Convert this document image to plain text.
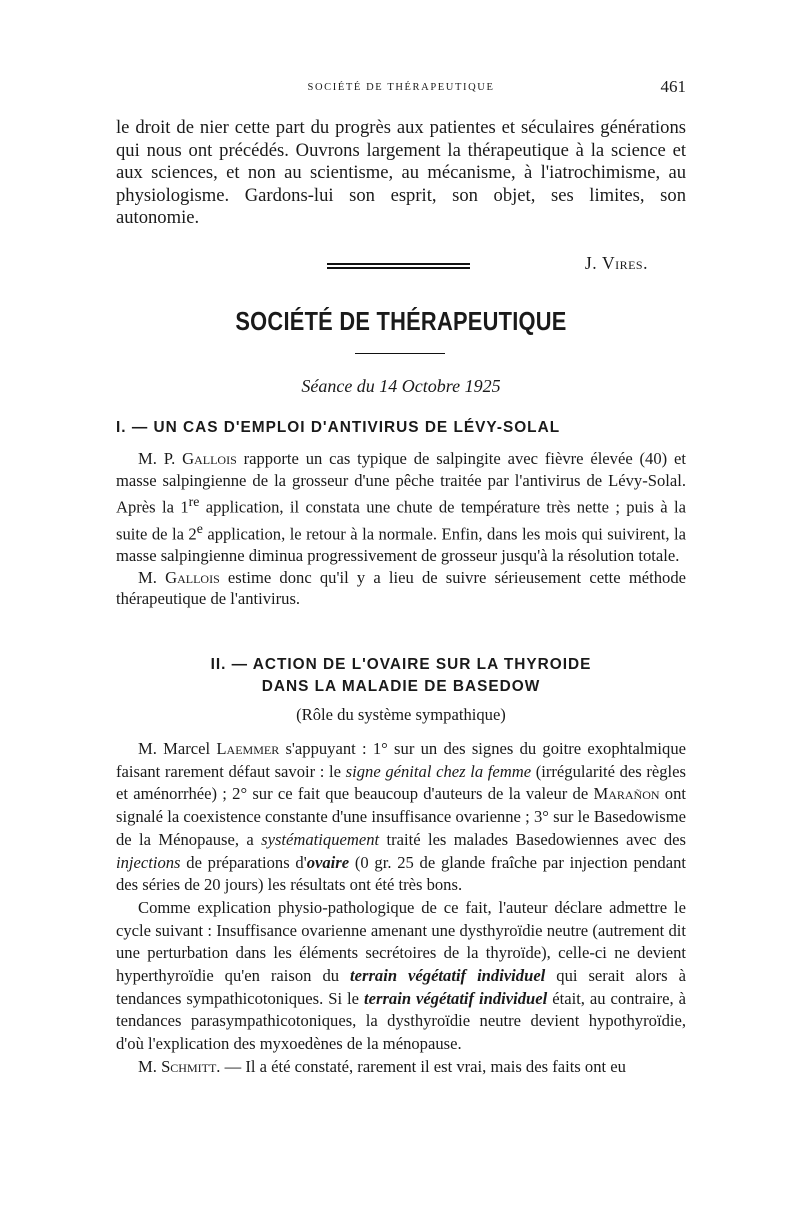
SOCIÉTÉ DE THÉRAPEUTIQUE	461

le droit de nier cette part du progrès aux patientes et séculaires générations qui nous ont précédés. Ouvrons largement la thérapeutique à la science et aux sciences, et non au scientisme, au mécanisme, à l'iatrochimisme, au physiologisme. Gardons-lui son esprit, son objet, ses limites, son autonomie.

J. Vires.
SOCIÉTÉ DE THÉRAPEUTIQUE
Séance du 14 Octobre 1925
I. — UN CAS D'EMPLOI D'ANTIVIRUS DE LÉVY-SOLAL

M. P. Gallois rapporte un cas typique de salpingite avec fièvre élevée (40) et masse salpingienne de la grosseur d'une pêche traitée par l'antivirus de Lévy-Solal. Après la 1re application, il constata une chute de température très nette ; puis à la suite de la 2e application, le retour à la normale. Enfin, dans les mois qui suivirent, la masse salpingienne diminua progressivement de grosseur jusqu'à la résolution totale.

M. Gallois estime donc qu'il y a lieu de suivre sérieusement cette méthode thérapeutique de l'antivirus.

II. — ACTION DE L'OVAIRE SUR LA THYROIDE
DANS LA MALADIE DE BASEDOW
(Rôle du système sympathique)

M. Marcel Laemmer s'appuyant : 1° sur un des signes du goitre exophtalmique faisant rarement défaut savoir : le signe génital chez la femme (irrégularité des règles et aménorrhée) ; 2° sur ce fait que beaucoup d'auteurs de la valeur de Marañon ont signalé la coexistence constante d'une insuffisance ovarienne ; 3° sur le Basedowisme de la Ménopause, a systématiquement traité les malades Basedowiennes avec des injections de préparations d'ovaire (0 gr. 25 de glande fraîche par injection pendant des séries de 20 jours) les résultats ont été très bons.

Comme explication physio-pathologique de ce fait, l'auteur déclare admettre le cycle suivant : Insuffisance ovarienne amenant une dysthyroïdie neutre (autrement dit une perturbation dans les éléments secrétoires de la thyroïde), celle-ci ne devient hyperthyroïdie qu'en raison du terrain végétatif individuel qui serait alors à tendances sympathicotoniques. Si le terrain végétatif individuel était, au contraire, à tendances parasympathicotoniques, la dysthyroïdie neutre devient hypothyroïdie, d'où l'explication des myxoedènes de la ménopause.

M. Schmitt. — Il a été constaté, rarement il est vrai, mais des faits ont eu
